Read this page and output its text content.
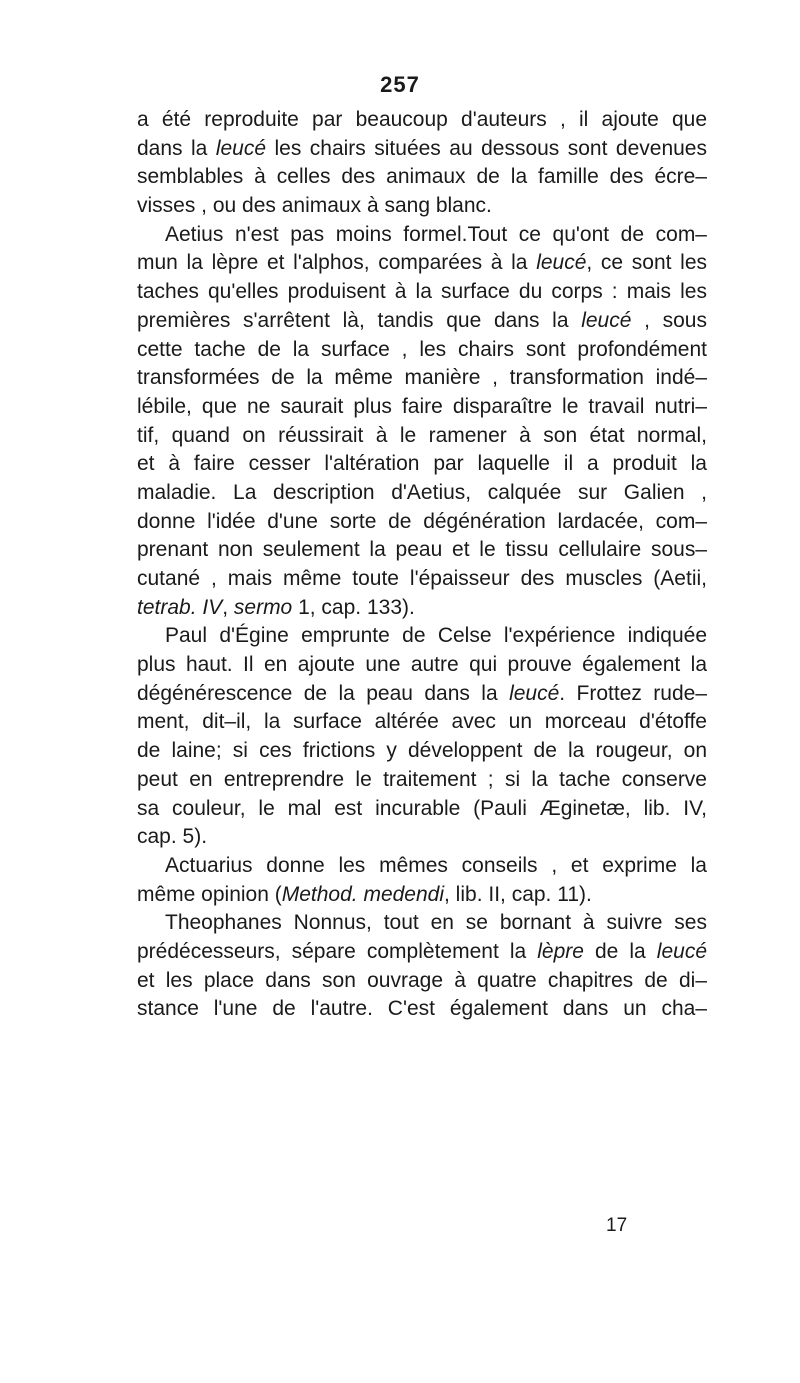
257
a été reproduite par beaucoup d'auteurs , il ajoute que
dans la leucé les chairs situées au dessous sont devenues
semblables à celles des animaux de la famille des écre–
visses , ou des animaux à sang blanc.
Aetius n'est pas moins formel.Tout ce qu'ont de com–
mun la lèpre et l'alphos, comparées à la leucé, ce sont les
taches qu'elles produisent à la surface du corps : mais les
premières s'arrêtent là, tandis que dans la leucé , sous
cette tache de la surface , les chairs sont profondément
transformées de la même manière , transformation indé–
lébile, que ne saurait plus faire disparaître le travail nutri–
tif, quand on réussirait à le ramener à son état normal,
et à faire cesser l'altération par laquelle il a produit la
maladie. La description d'Aetius, calquée sur Galien ,
donne l'idée d'une sorte de dégénération lardacée, com–
prenant non seulement la peau et le tissu cellulaire sous–
cutané , mais même toute l'épaisseur des muscles (Aetii,
tetrab. IV, sermo 1, cap. 133).
Paul d'Égine emprunte de Celse l'expérience indiquée
plus haut. Il en ajoute une autre qui prouve également la
dégénérescence de la peau dans la leucé. Frottez rude–
ment, dit–il, la surface altérée avec un morceau d'étoffe
de laine; si ces frictions y développent de la rougeur, on
peut en entreprendre le traitement ; si la tache conserve
sa couleur, le mal est incurable (Pauli Æginetæ, lib. IV,
cap. 5).
Actuarius donne les mêmes conseils , et exprime la
même opinion (Method. medendi, lib. II, cap. 11).
Theophanes Nonnus, tout en se bornant à suivre ses
prédécesseurs, sépare complètement la lèpre de la leucé
et les place dans son ouvrage à quatre chapitres de di–
stance l'une de l'autre. C'est également dans un cha–
17
